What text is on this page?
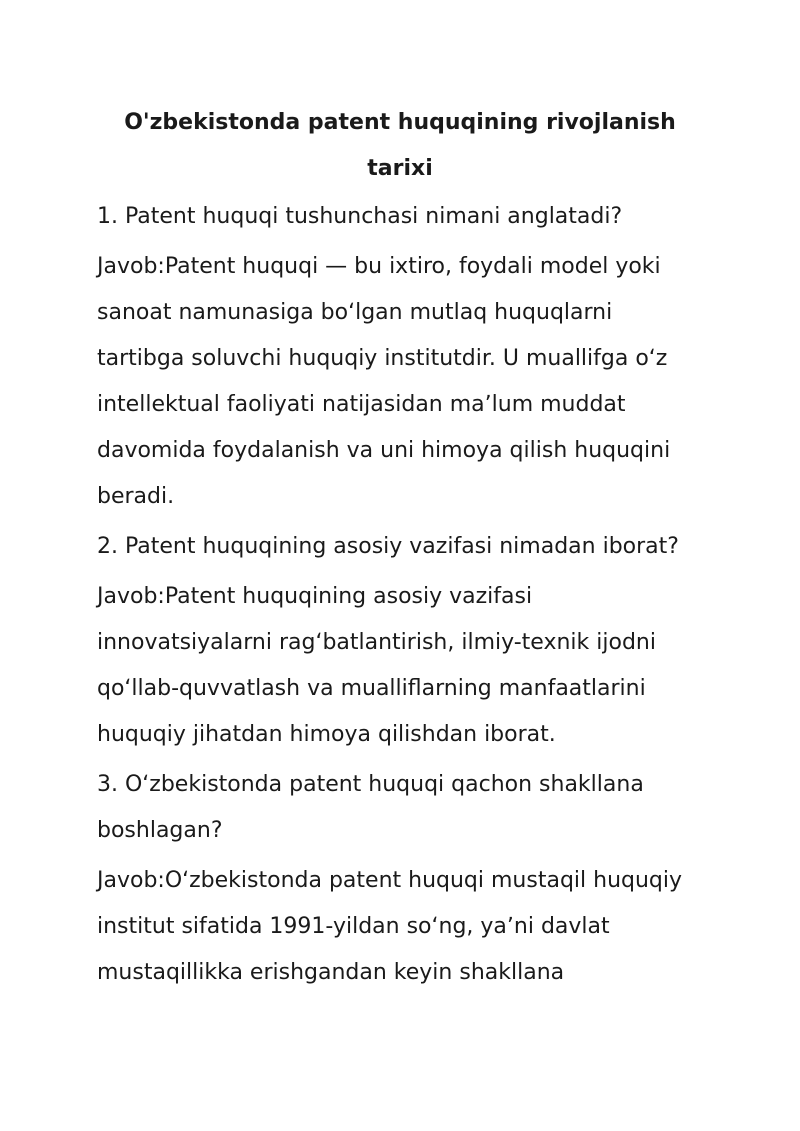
O'zbekistonda patent huquqining rivojlanish tarixi

1. Patent huquqi tushunchasi nimani anglatadi?

Javob:Patent huquqi — bu ixtiro, foydali model yoki sanoat namunasiga boʻlgan mutlaq huquqlarni tartibga soluvchi huquqiy institutdir. U muallifga oʻz intellektual faoliyati natijasidan maʼlum muddat davomida foydalanish va uni himoya qilish huquqini beradi.

2. Patent huquqining asosiy vazifasi nimadan iborat?

Javob:Patent huquqining asosiy vazifasi innovatsiyalarni ragʻbatlantirish, ilmiy-texnik ijodni qoʻllab-quvvatlash va mualliflarning manfaatlarini huquqiy jihatdan himoya qilishdan iborat.

3. Oʻzbekistonda patent huquqi qachon shakllana boshlagan?

Javob:Oʻzbekistonda patent huquqi mustaqil huquqiy institut sifatida 1991-yildan soʻng, yaʼni davlat mustaqillikka erishgandan keyin shakllana
